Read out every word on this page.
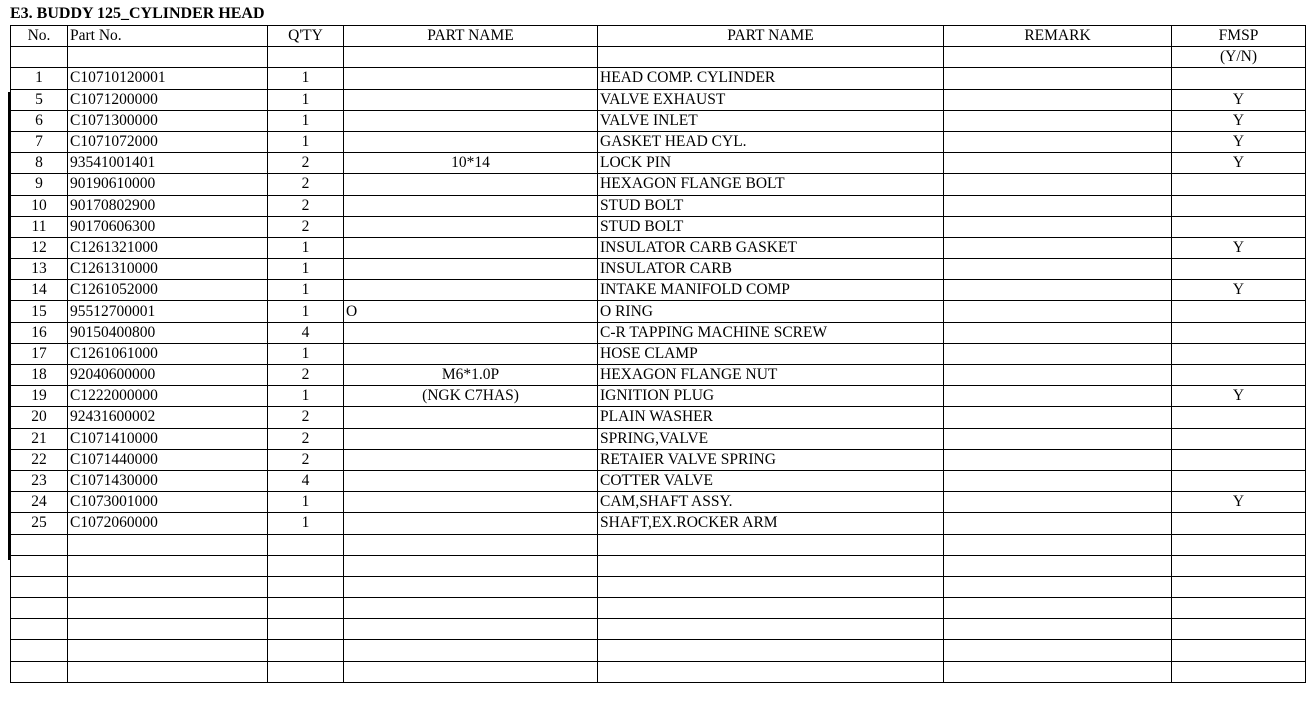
E3. BUDDY 125_CYLINDER HEAD
No.	Part No.	Q'TY	PART NAME	PART NAME	REMARK	FMSP
						(Y/N)
1	C10710120001	1		HEAD COMP. CYLINDER		
5	C1071200000	1		VALVE EXHAUST		Y
6	C1071300000	1		VALVE INLET		Y
7	C1071072000	1		GASKET HEAD CYL.		Y
8	93541001401	2	10*14	LOCK PIN		Y
9	90190610000	2		HEXAGON FLANGE BOLT		
10	90170802900	2		STUD BOLT		
11	90170606300	2		STUD BOLT		
12	C1261321000	1		INSULATOR CARB GASKET		Y
13	C1261310000	1		INSULATOR CARB		
14	C1261052000	1		INTAKE MANIFOLD COMP		Y
15	95512700001	1	O	O RING		
16	90150400800	4		C-R TAPPING MACHINE SCREW		
17	C1261061000	1		HOSE CLAMP		
18	92040600000	2	M6*1.0P	HEXAGON FLANGE NUT		
19	C1222000000	1	(NGK C7HAS)	IGNITION PLUG		Y
20	92431600002	2		PLAIN WASHER		
21	C1071410000	2		SPRING,VALVE		
22	C1071440000	2		RETAIER VALVE SPRING		
23	C1071430000	4		COTTER VALVE		
24	C1073001000	1		CAM,SHAFT ASSY.		Y
25	C1072060000	1		SHAFT,EX.ROCKER ARM		
